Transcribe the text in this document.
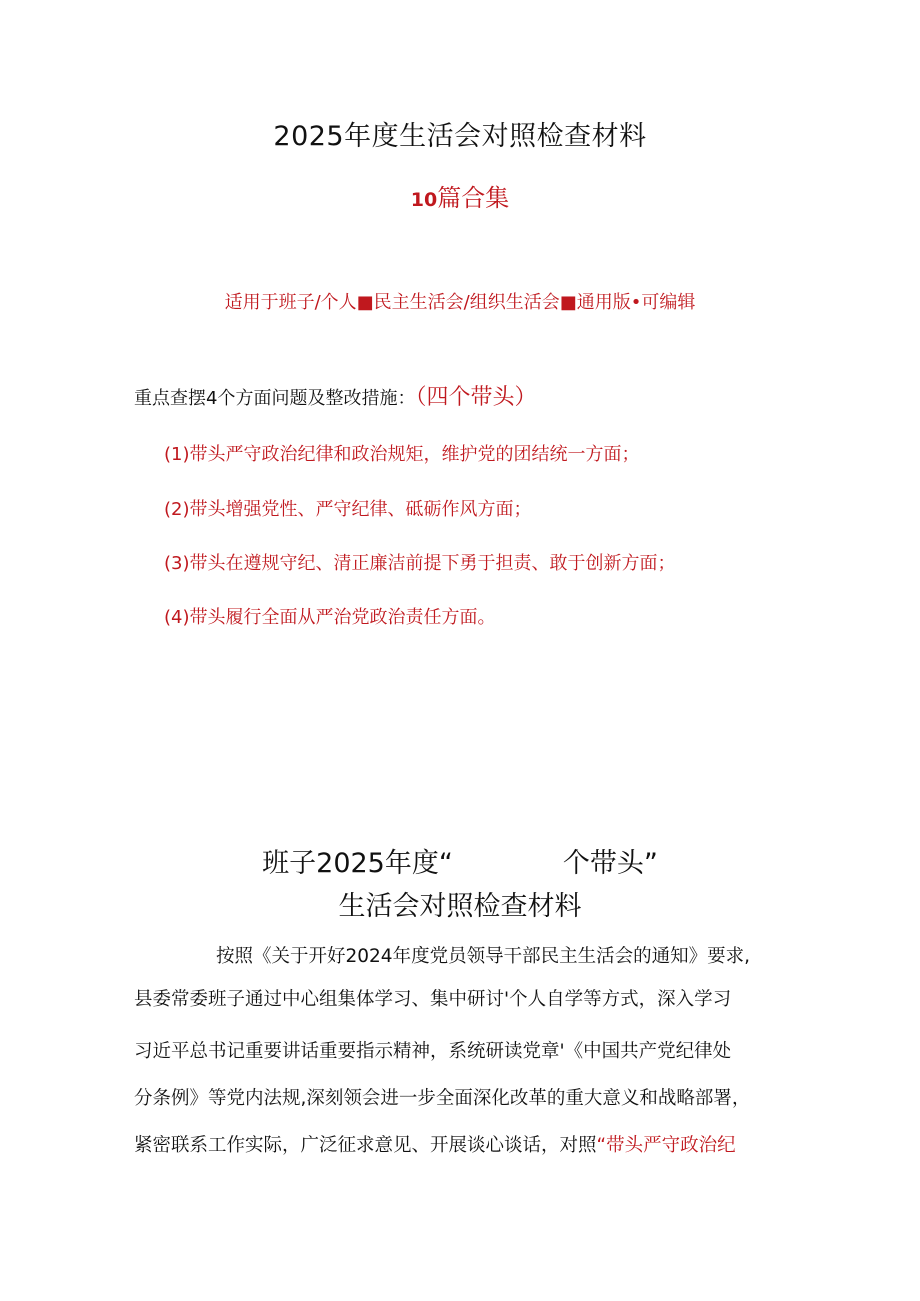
2025年度生活会对照检查材料
10篇合集
适用于班子/个人■民主生活会/组织生活会■通用版•可编辑
重点查摆4个方面问题及整改措施：（四个带头）
(1)带头严守政治纪律和政治规矩，维护党的团结统一方面；
(2)带头增强党性、严守纪律、砥砺作风方面；
(3)带头在遵规守纪、清正廉洁前提下勇于担责、敢于创新方面；
(4)带头履行全面从严治党政治责任方面。
班子2025年度“	个带头”
生活会对照检查材料
按照《关于开好2024年度党员领导干部民主生活会的通知》要求,
县委常委班子通过中心组集体学习、集中研讨'个人自学等方式，深入学习
习近平总书记重要讲话重要指示精神，系统研读党章'《中国共产党纪律处
分条例》等党内法规,深刻领会进一步全面深化改革的重大意义和战略部署，
紧密联系工作实际，广泛征求意见、开展谈心谈话，对照“带头严守政治纪
